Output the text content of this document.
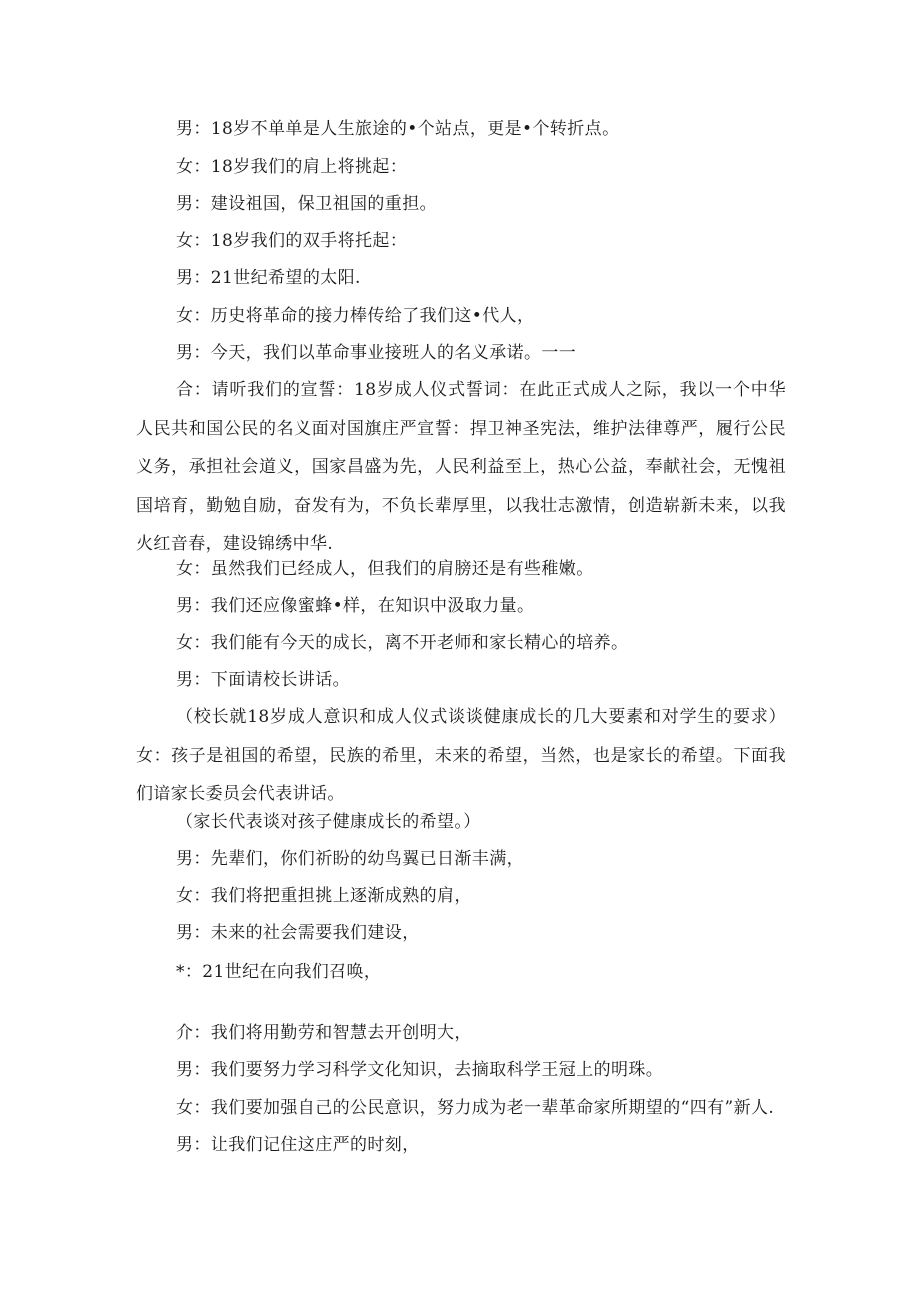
男：18岁不单单是人生旅途的•个站点，更是•个转折点。

女：18岁我们的肩上将挑起：

男：建设祖国，保卫祖国的重担。

女：18岁我们的双手将托起：

男：21世纪希望的太阳.

女：历史将革命的接力棒传给了我们这•代人，

男：今天，我们以革命事业接班人的名义承诺。一一

合：请听我们的宣誓：18岁成人仪式誓词：在此正式成人之际，我以一个中华人民共和国公民的名义面对国旗庄严宣誓：捍卫神圣宪法，维护法律尊严，履行公民义务，承担社会道义，国家昌盛为先，人民利益至上，热心公益，奉献社会，无愧祖国培育，勤勉自励，奋发有为，不负长辈厚里，以我壮志激情，创造崭新未来，以我火红音春，建设锦绣中华.

女：虽然我们已经成人，但我们的肩膀还是有些稚嫩。

男：我们还应像蜜蜂•样，在知识中汲取力量。

女：我们能有今天的成长，离不开老师和家长精心的培养。

男：下面请校长讲话。

（校长就18岁成人意识和成人仪式谈谈健康成长的几大要素和对学生的要求）女：孩子是祖国的希望，民族的希里，未来的希望，当然，也是家长的希望。下面我们谙家长委员会代表讲话。

（家长代表谈对孩子健康成长的希望。）

男：先辈们，你们祈盼的幼鸟翼已日渐丰满，

女：我们将把重担挑上逐渐成熟的肩，

男：未来的社会需要我们建设，

*：21世纪在向我们召唤，

介：我们将用勤劳和智慧去开创明大，

男：我们要努力学习科学文化知识，去摘取科学王冠上的明珠。

女：我们要加强自己的公民意识，努力成为老一辈革命家所期望的“四有”新人.

男：让我们记住这庄严的时刻，
